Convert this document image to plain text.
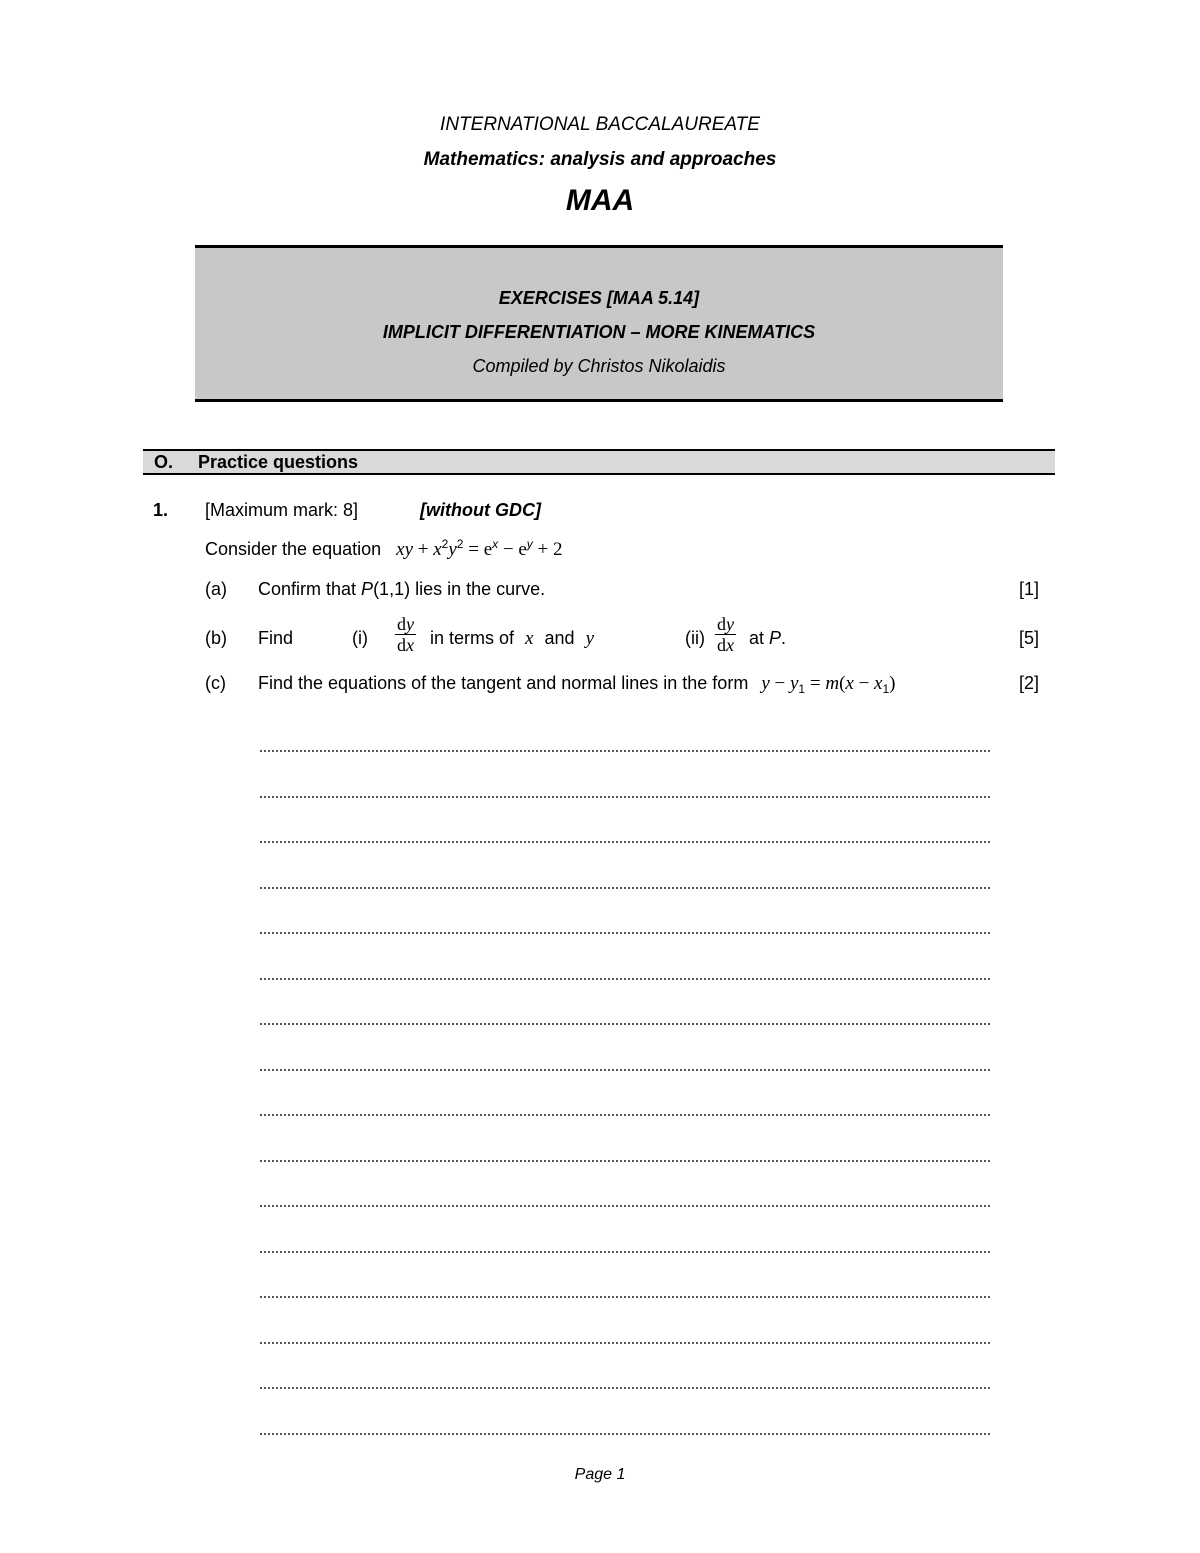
INTERNATIONAL BACCALAUREATE
Mathematics: analysis and approaches
MAA
EXERCISES [MAA 5.14]
IMPLICIT DIFFERENTIATION – MORE KINEMATICS
Compiled by Christos Nikolaidis
O. Practice questions
1. [Maximum mark: 8]	[without GDC]
Consider the equation xy + $x^2y^2 = e^x - e^y + 2$
(a) Confirm that P(1,1) lies in the curve.	[1]
(b) Find	$(i) \frac{dy}{dx}$ in terms of x and y	$(ii) \frac{dy}{dx}$ at P.	[5]
(c) Find the equations of the tangent and normal lines in the form $y - y_1 = m(x - x_1)$	[2]
Page 1
